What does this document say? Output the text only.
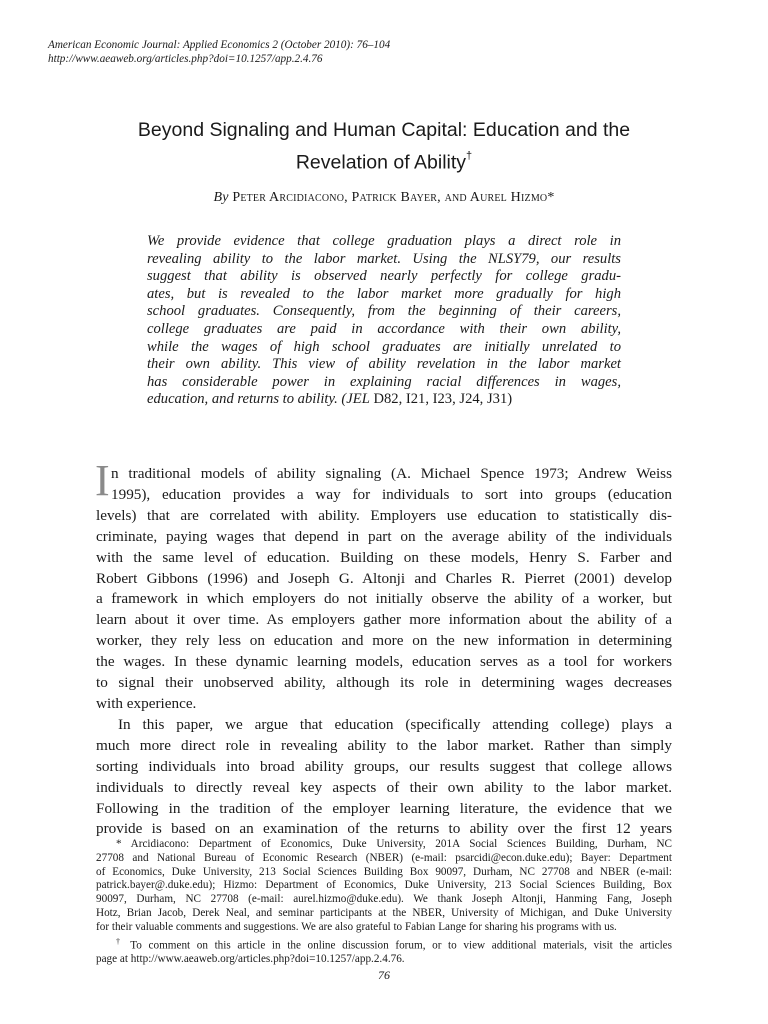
American Economic Journal: Applied Economics 2 (October 2010): 76–104
http://www.aeaweb.org/articles.php?doi=10.1257/app.2.4.76
Beyond Signaling and Human Capital: Education and the
Revelation of Ability†
By Peter Arcidiacono, Patrick Bayer, and Aurel Hizmo*
We provide evidence that college graduation plays a direct role in
revealing ability to the labor market. Using the NLSY79, our results
suggest that ability is observed nearly perfectly for college gradu-
ates, but is revealed to the labor market more gradually for high
school graduates. Consequently, from the beginning of their careers,
college graduates are paid in accordance with their own ability,
while the wages of high school graduates are initially unrelated to
their own ability. This view of ability revelation in the labor market
has considerable power in explaining racial differences in wages,
education, and returns to ability. (JEL D82, I21, I23, J24, J31)
I n traditional models of ability signaling (A. Michael Spence 1973; Andrew Weiss
1995), education provides a way for individuals to sort into groups (education
levels) that are correlated with ability. Employers use education to statistically dis-
criminate, paying wages that depend in part on the average ability of the individuals
with the same level of education. Building on these models, Henry S. Farber and
Robert Gibbons (1996) and Joseph G. Altonji and Charles R. Pierret (2001) develop
a framework in which employers do not initially observe the ability of a worker, but
learn about it over time. As employers gather more information about the ability of a
worker, they rely less on education and more on the new information in determining
the wages. In these dynamic learning models, education serves as a tool for workers
to signal their unobserved ability, although its role in determining wages decreases
with experience.
In this paper, we argue that education (specifically attending college) plays a
much more direct role in revealing ability to the labor market. Rather than simply
sorting individuals into broad ability groups, our results suggest that college allows
individuals to directly reveal key aspects of their own ability to the labor market.
Following in the tradition of the employer learning literature, the evidence that we
provide is based on an examination of the returns to ability over the first 12 years
* Arcidiacono: Department of Economics, Duke University, 201A Social Sciences Building, Durham, NC
27708 and National Bureau of Economic Research (NBER) (e-mail: psarcidi@econ.duke.edu); Bayer: Department
of Economics, Duke University, 213 Social Sciences Building Box 90097, Durham, NC 27708 and NBER (e-mail:
patrick.bayer@.duke.edu); Hizmo: Department of Economics, Duke University, 213 Social Sciences Building, Box
90097, Durham, NC 27708 (e-mail: aurel.hizmo@duke.edu). We thank Joseph Altonji, Hanming Fang, Joseph
Hotz, Brian Jacob, Derek Neal, and seminar participants at the NBER, University of Michigan, and Duke University
for their valuable comments and suggestions. We are also grateful to Fabian Lange for sharing his programs with us.
† To comment on this article in the online discussion forum, or to view additional materials, visit the articles
page at http://www.aeaweb.org/articles.php?doi=10.1257/app.2.4.76.
76
